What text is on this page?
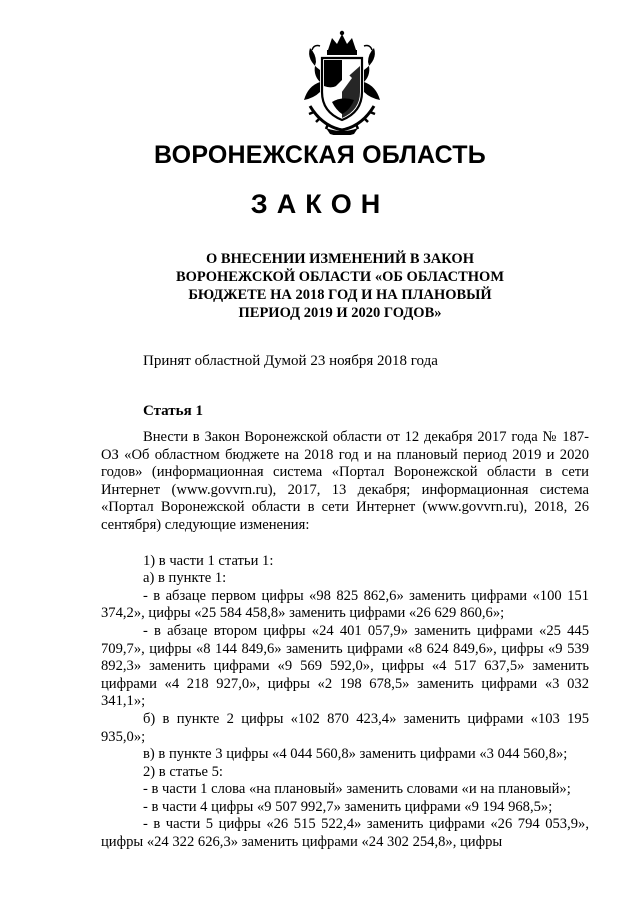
ВОРОНЕЖСКАЯ ОБЛАСТЬ
ЗАКОН
О ВНЕСЕНИИ ИЗМЕНЕНИЙ В ЗАКОН
ВОРОНЕЖСКОЙ ОБЛАСТИ «ОБ ОБЛАСТНОМ
БЮДЖЕТЕ НА 2018 ГОД И НА ПЛАНОВЫЙ
ПЕРИОД 2019 И 2020 ГОДОВ»
Принят областной Думой 23 ноября 2018 года
Статья 1

Внести в Закон Воронежской области от 12 декабря 2017 года № 187-ОЗ «Об областном бюджете на 2018 год и на плановый период 2019 и 2020 годов» (информационная система «Портал Воронежской области в сети Интернет (www.govvrn.ru), 2017, 13 декабря; информационная система «Портал Воронежской области в сети Интернет (www.govvrn.ru), 2018, 26 сентября) следующие изменения:

1) в части 1 статьи 1:

а) в пункте 1:

- в абзаце первом цифры «98 825 862,6» заменить цифрами «100 151 374,2», цифры «25 584 458,8» заменить цифрами «26 629 860,6»;

- в абзаце втором цифры «24 401 057,9» заменить цифрами «25 445 709,7», цифры «8 144 849,6» заменить цифрами «8 624 849,6», цифры «9 539 892,3» заменить цифрами «9 569 592,0», цифры «4 517 637,5» заменить цифрами «4 218 927,0», цифры «2 198 678,5» заменить цифрами «3 032 341,1»;

б) в пункте 2 цифры «102 870 423,4» заменить цифрами «103 195 935,0»;

в) в пункте 3 цифры «4 044 560,8» заменить цифрами «3 044 560,8»;

2) в статье 5:

- в части 1 слова «на плановый» заменить словами «и на плановый»;

- в части 4 цифры «9 507 992,7» заменить цифрами «9 194 968,5»;

- в части 5 цифры «26 515 522,4» заменить цифрами «26 794 053,9», цифры «24 322 626,3» заменить цифрами «24 302 254,8», цифры
